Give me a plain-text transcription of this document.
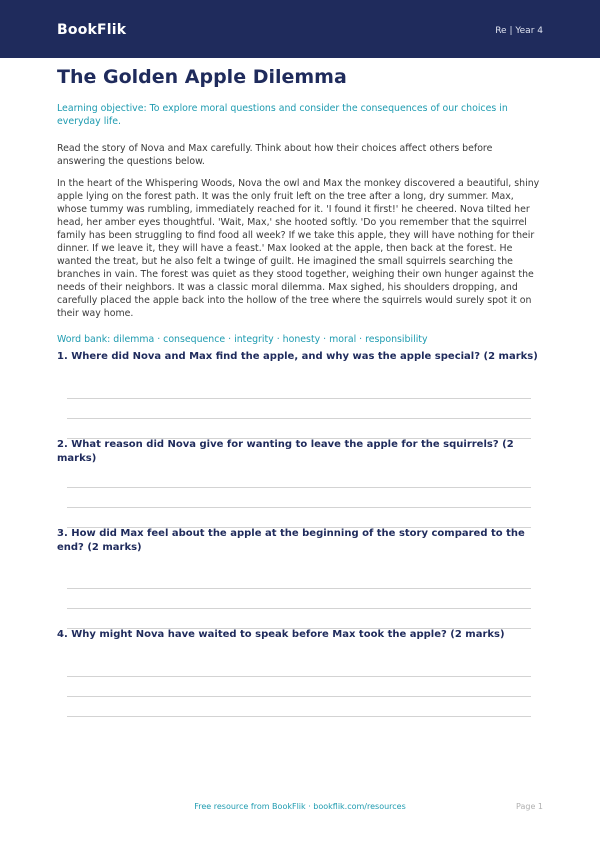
BookFlik	Re | Year 4
The Golden Apple Dilemma
Learning objective: To explore moral questions and consider the consequences of our choices in everyday life.
Read the story of Nova and Max carefully. Think about how their choices affect others before answering the questions below.
In the heart of the Whispering Woods, Nova the owl and Max the monkey discovered a beautiful, shiny apple lying on the forest path. It was the only fruit left on the tree after a long, dry summer. Max, whose tummy was rumbling, immediately reached for it. 'I found it first!' he cheered. Nova tilted her head, her amber eyes thoughtful. 'Wait, Max,' she hooted softly. 'Do you remember that the squirrel family has been struggling to find food all week? If we take this apple, they will have nothing for their dinner. If we leave it, they will have a feast.' Max looked at the apple, then back at the forest. He wanted the treat, but he also felt a twinge of guilt. He imagined the small squirrels searching the branches in vain. The forest was quiet as they stood together, weighing their own hunger against the needs of their neighbors. It was a classic moral dilemma. Max sighed, his shoulders dropping, and carefully placed the apple back into the hollow of the tree where the squirrels would surely spot it on their way home.
Word bank: dilemma · consequence · integrity · honesty · moral · responsibility

1. Where did Nova and Max find the apple, and why was the apple special? (2 marks)

2. What reason did Nova give for wanting to leave the apple for the squirrels? (2 marks)

3. How did Max feel about the apple at the beginning of the story compared to the end? (2 marks)

4. Why might Nova have waited to speak before Max took the apple? (2 marks)

Free resource from BookFlik · bookflik.com/resources	Page 1
